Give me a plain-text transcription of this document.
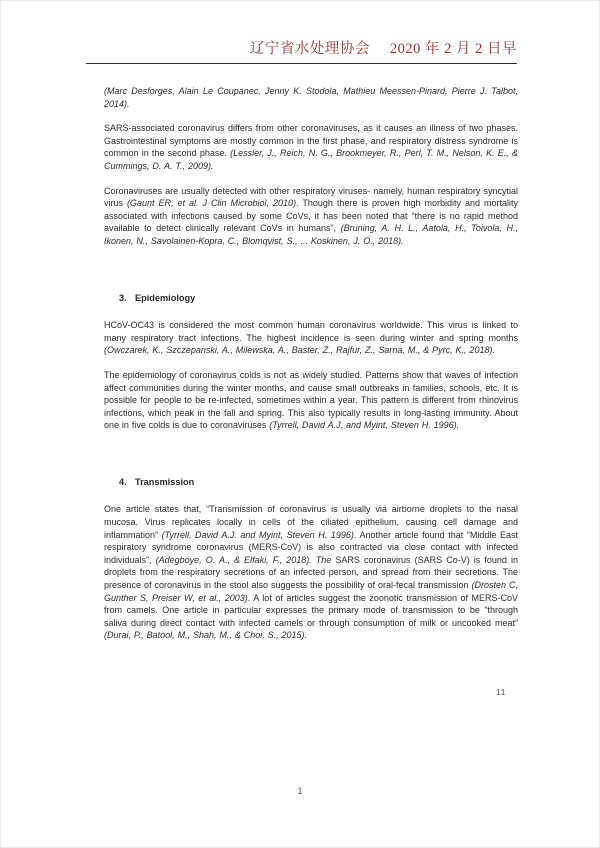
辽宁省水处理协会 2020 年 2 月 2 日早

(Marc Desforges, Alain Le Coupanec, Jenny K. Stodola, Mathieu Meessen-Pinard, Pierre J. Talbot, 2014).

SARS-associated coronavirus differs from other coronaviruses, as it causes an illness of two phases. Gastrointestinal symptoms are mostly common in the first phase, and respiratory distress syndrome is common in the second phase. (Lessler, J., Reich, N. G., Brookmeyer, R., Perl, T. M., Nelson, K. E., & Cummings, D. A. T., 2009).

Coronaviruses are usually detected with other respiratory viruses- namely, human respiratory syncytial virus (Gaunt ER, et al. J Clin Microbiol, 2010). Though there is proven high morbidity and mortality associated with infections caused by some CoVs, it has been noted that “there is no rapid method available to detect clinically relevant CoVs in humans”, (Bruning, A. H. L., Aatola, H., Toivola, H., Ikonen, N., Savolainen-Kopra, C., Blomqvist, S., ... Koskinen, J. O., 2018).

3. Epidemiology

HCoV-OC43 is considered the most common human coronavirus worldwide. This virus is linked to many respiratory tract infections. The highest incidence is seen during winter and spring months (Owczarek, K., Szczepanski, A., Milewska, A., Baster, Z., Rajfur, Z., Sarna, M., & Pyrc, K., 2018).

The epidemiology of coronavirus colds is not as widely studied. Patterns show that waves of infection affect communities during the winter months, and cause small outbreaks in families, schools, etc. It is possible for people to be re-infected, sometimes within a year. This pattern is different from rhinovirus infections, which peak in the fall and spring. This also typically results in long-lasting immunity. About one in five colds is due to coronaviruses (Tyrrell, David A.J. and Myint, Steven H. 1996).

4. Transmission

One article states that, “Transmission of coronavirus is usually via airborne droplets to the nasal mucosa. Virus replicates locally in cells of the ciliated epithelium, causing cell damage and inflammation” (Tyrrell, David A.J. and Myint, Steven H. 1996). Another article found that “Middle East respiratory syndrome coronavirus (MERS-CoV) is also contracted via close contact with infected individuals”, (Adegboye, O. A., & Elfaki, F., 2018). The SARS coronavirus (SARS Co-V) is found in droplets from the respiratory secretions of an infected person, and spread from their secretions. The presence of coronavirus in the stool also suggests the possibility of oral-fecal transmission (Drosten C, Gunther S, Preiser W, et al., 2003). A lot of articles suggest the zoonotic transmission of MERS-CoV from camels. One article in particular expresses the primary mode of transmission to be “through saliva during direct contact with infected camels or through consumption of milk or uncooked meat” (Durai, P., Batool, M., Shah, M., & Choi, S., 2015).

11
1
